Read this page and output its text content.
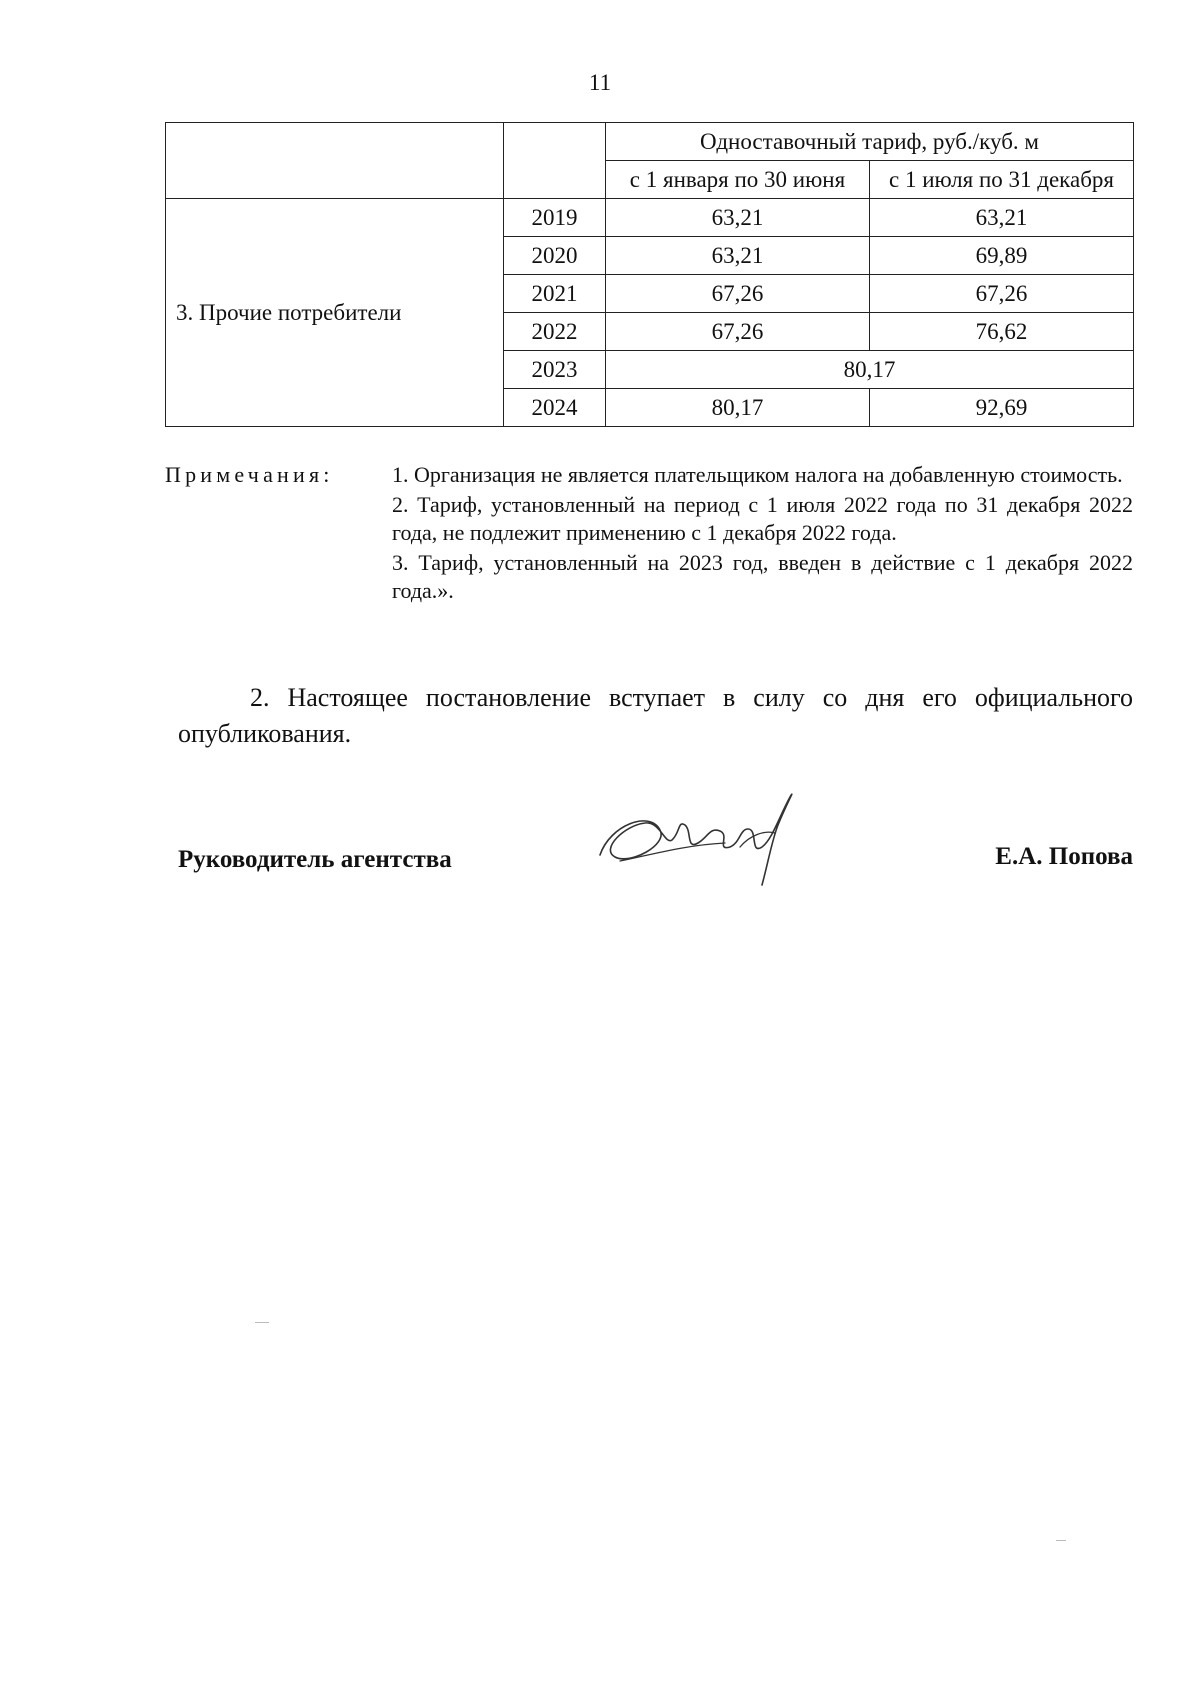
11
		Одноставочный тариф, руб./куб. м	
		с 1 января по 30 июня	с 1 июля по 31 декабря
3. Прочие потребители	2019	63,21	63,21
	2020	63,21	69,89
	2021	67,26	67,26
	2022	67,26	76,62
	2023	80,17	
	2024	80,17	92,69
Примечания:	1. Организация не является плательщиком налога на добавленную стоимость.

2. Тариф, установленный на период с 1 июля 2022 года по 31 декабря 2022 года, не подлежит применению с 1 декабря 2022 года.

3. Тариф, установленный на 2023 год, введен в действие с 1 декабря 2022 года.».

2. Настоящее постановление вступает в силу со дня его официального опубликования.
Руководитель агентства	Е.А. Попова
